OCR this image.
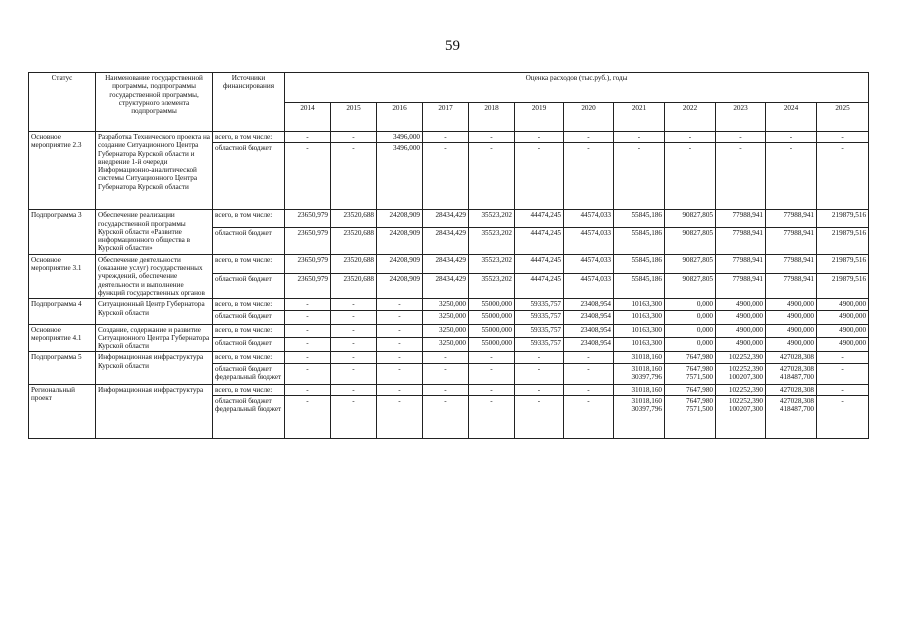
59
Статус	Наименование государственной программы, подпрограммы государственной программы, структурного элемента подпрограммы	Источники финансирования	Оценка расходов (тыс.руб.), годы											
			2014	2015	2016	2017	2018	2019	2020	2021	2022	2023	2024	2025
Основное мероприятие 2.3	Разработка Технического проекта на создание Ситуационного Центра Губернатора Курской области и внедрение 1-й очереди Информационно-аналитической системы Ситуационного Центра Губернатора Курской области	всего, в том числе:	-	-	3496,000	-	-	-	-	-	-	-	-	-
		областной бюджет	-	-	3496,000	-	-	-	-	-	-	-	-	-
Подпрограмма 3	Обеспечение реализации государственной программы Курской области «Развитие информационного общества в Курской области»	всего, в том числе:	23650,979	23520,688	24208,909	28434,429	35523,202	44474,245	44574,033	55845,186	90827,805	77988,941	77988,941	219879,516
		областной бюджет	23650,979	23520,688	24208,909	28434,429	35523,202	44474,245	44574,033	55845,186	90827,805	77988,941	77988,941	219879,516
Основное мероприятие 3.1	Обеспечение деятельности (оказание услуг) государственных учреждений, обеспечение деятельности и выполнение функций государственных органов	всего, в том числе:	23650,979	23520,688	24208,909	28434,429	35523,202	44474,245	44574,033	55845,186	90827,805	77988,941	77988,941	219879,516
		областной бюджет	23650,979	23520,688	24208,909	28434,429	35523,202	44474,245	44574,033	55845,186	90827,805	77988,941	77988,941	219879,516
Подпрограмма 4	Ситуационный Центр Губернатора Курской области	всего, в том числе:	-	-	-	3250,000	55000,000	59335,757	23408,954	10163,300	0,000	4900,000	4900,000	4900,000
		областной бюджет	-	-	-	3250,000	55000,000	59335,757	23408,954	10163,300	0,000	4900,000	4900,000	4900,000
Основное мероприятие 4.1	Создание, содержание и развитие Ситуационного Центра Губернатора Курской области	всего, в том числе:	-	-	-	3250,000	55000,000	59335,757	23408,954	10163,300	0,000	4900,000	4900,000	4900,000
		областной бюджет	-	-	-	3250,000	55000,000	59335,757	23408,954	10163,300	0,000	4900,000	4900,000	4900,000
Подпрограмма 5	Информационная инфраструктура Курской области	всего, в том числе:	-	-	-	-	-	-	-	31018,160	7647,980	102252,390	427028,308	-
		областной бюджет федеральный бюджет	-	-	-	-	-	-	-	31018,160 30397,796	7647,980 7571,500	102252,390 100207,300	427028,308 418487,700	-
Региональный проект	Информационная инфраструктура	всего, в том числе:	-	-	-	-	-	-	-	31018,160	7647,980	102252,390	427028,308	-
		областной бюджет федеральный бюджет	-	-	-	-	-	-	-	31018,160 30397,796	7647,980 7571,500	102252,390 100207,300	427028,308 418487,700	-
